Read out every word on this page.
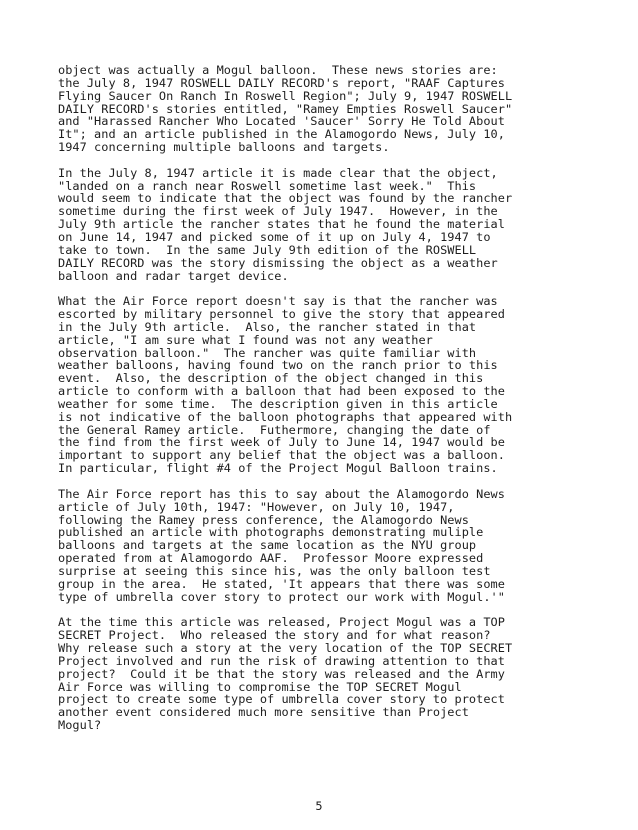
object was actually a Mogul balloon.  These news stories are: the July 8, 1947 ROSWELL DAILY RECORD's report, "RAAF Captures Flying Saucer On Ranch In Roswell Region"; July 9, 1947 ROSWELL DAILY RECORD's stories entitled, "Ramey Empties Roswell Saucer" and "Harassed Rancher Who Located 'Saucer' Sorry He Told About It"; and an article published in the Alamogordo News, July 10, 1947 concerning multiple balloons and targets.

In the July 8, 1947 article it is made clear that the object, "landed on a ranch near Roswell sometime last week."  This would seem to indicate that the object was found by the rancher sometime during the first week of July 1947.  However, in the July 9th article the rancher states that he found the material on June 14, 1947 and picked some of it up on July 4, 1947 to take to town.  In the same July 9th edition of the ROSWELL DAILY RECORD was the story dismissing the object as a weather balloon and radar target device.

What the Air Force report doesn't say is that the rancher was escorted by military personnel to give the story that appeared in the July 9th article.  Also, the rancher stated in that article, "I am sure what I found was not any weather observation balloon."  The rancher was quite familiar with weather balloons, having found two on the ranch prior to this event.  Also, the description of the object changed in this article to conform with a balloon that had been exposed to the weather for some time.  The description given in this article is not indicative of the balloon photographs that appeared with the General Ramey article.  Futhermore, changing the date of the find from the first week of July to June 14, 1947 would be important to support any belief that the object was a balloon.  In particular, flight #4 of the Project Mogul Balloon trains.

The Air Force report has this to say about the Alamogordo News article of July 10th, 1947: "However, on July 10, 1947, following the Ramey press conference, the Alamogordo News published an article with photographs demonstrating muliple balloons and targets at the same location as the NYU group operated from at Alamogordo AAF.  Professor Moore expressed surprise at seeing this since his, was the only balloon test group in the area.  He stated, 'It appears that there was some type of umbrella cover story to protect our work with Mogul.'"

At the time this article was released, Project Mogul was a TOP SECRET Project.  Who released the story and for what reason?  Why release such a story at the very location of the TOP SECRET Project involved and run the risk of drawing attention to that project?  Could it be that the story was released and the Army Air Force was willing to compromise the TOP SECRET Mogul project to create some type of umbrella cover story to protect another event considered much more sensitive than Project Mogul?

5
